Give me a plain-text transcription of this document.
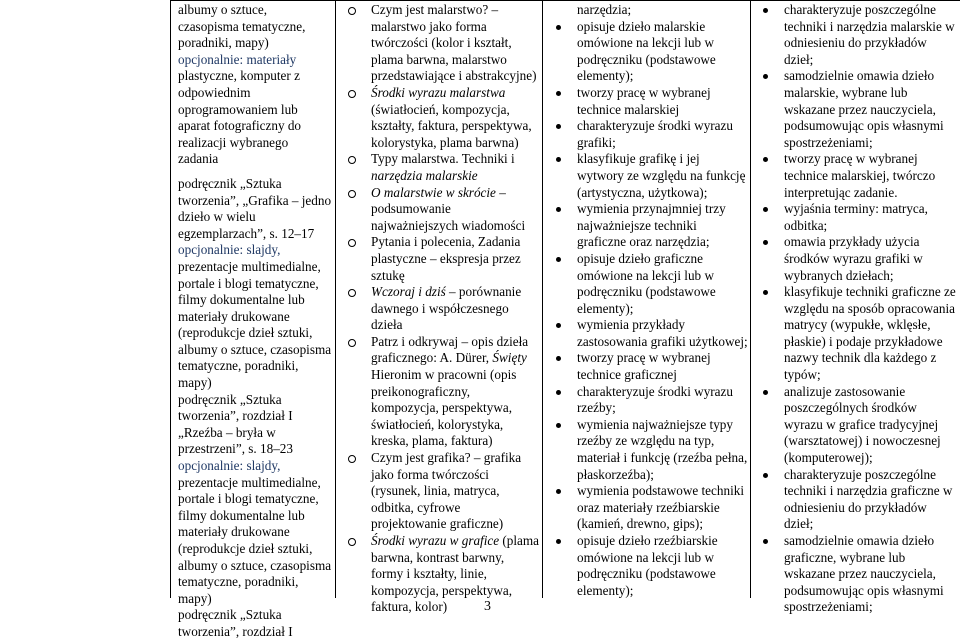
albumy o sztuce,

czasopisma tematyczne,

poradniki, mapy)

opcjonalnie: materiały

plastyczne, komputer z

odpowiednim

oprogramowaniem lub

aparat fotograficzny do

realizacji wybranego

zadania

podręcznik „Sztuka

tworzenia”, „Grafika – jedno

dzieło w wielu

egzemplarzach”, s. 12–17

opcjonalnie: slajdy,

prezentacje multimedialne,

portale i blogi tematyczne,

filmy dokumentalne lub

materiały drukowane

(reprodukcje dzieł sztuki,

albumy o sztuce, czasopisma

tematyczne, poradniki,

mapy)

podręcznik „Sztuka

tworzenia”, rozdział I

„Rzeźba – bryła w

przestrzeni”, s. 18–23

opcjonalnie: slajdy,

prezentacje multimedialne,

portale i blogi tematyczne,

filmy dokumentalne lub

materiały drukowane

(reprodukcje dzieł sztuki,

albumy o sztuce, czasopisma

tematyczne, poradniki,

mapy)

podręcznik „Sztuka

tworzenia”, rozdział I

Czym jest malarstwo? – malarstwo jako forma twórczości (kolor i kształt, plama barwna, malarstwo przedstawiające i abstrakcyjne)
Środki wyrazu malarstwa (światłocień, kompozycja, kształty, faktura, perspektywa, kolorystyka, plama barwna)
Typy malarstwa. Techniki i narzędzia malarskie
O malarstwie w skrócie – podsumowanie najważniejszych wiadomości
Pytania i polecenia, Zadania plastyczne – ekspresja przez sztukę
Wczoraj i dziś – porównanie dawnego i współczesnego dzieła
Patrz i odkrywaj – opis dzieła graficznego: A. Dürer, Święty Hieronim w pracowni (opis preikonograficzny, kompozycja, perspektywa, światłocień, kolorystyka, kreska, plama, faktura)
Czym jest grafika? – grafika jako forma twórczości (rysunek, linia, matryca, odbitka, cyfrowe projektowanie graficzne)
Środki wyrazu w grafice (plama barwna, kontrast barwny, formy i kształty, linie, kompozycja, perspektywa, faktura, kolor)

narzędzia;

opisuje dzieło malarskie omówione na lekcji lub w podręczniku (podstawowe elementy);
tworzy pracę w wybranej technice malarskiej
charakteryzuje środki wyrazu grafiki;
klasyfikuje grafikę i jej wytwory ze względu na funkcję (artystyczna, użytkowa);
wymienia przynajmniej trzy najważniejsze techniki graficzne oraz narzędzia;
opisuje dzieło graficzne omówione na lekcji lub w podręczniku (podstawowe elementy);
wymienia przykłady zastosowania grafiki użytkowej;
tworzy pracę w wybranej technice graficznej
charakteryzuje środki wyrazu rzeźby;
wymienia najważniejsze typy rzeźby ze względu na typ, materiał i funkcję (rzeźba pełna, płaskorzeźba);
wymienia podstawowe techniki oraz materiały rzeźbiarskie (kamień, drewno, gips);
opisuje dzieło rzeźbiarskie omówione na lekcji lub w podręczniku (podstawowe elementy);
charakteryzuje poszczególne techniki i narzędzia malarskie w odniesieniu do przykładów dzieł;
samodzielnie omawia dzieło malarskie, wybrane lub wskazane przez nauczyciela, podsumowując opis własnymi spostrzeżeniami;
tworzy pracę w wybranej technice malarskiej, twórczo interpretując zadanie.
wyjaśnia terminy: matryca, odbitka;
omawia przykłady użycia środków wyrazu grafiki w wybranych dziełach;
klasyfikuje techniki graficzne ze względu na sposób opracowania matrycy (wypukłe, wklęsłe, płaskie) i podaje przykładowe nazwy technik dla każdego z typów;
analizuje zastosowanie poszczególnych środków wyrazu w grafice tradycyjnej (warsztatowej) i nowoczesnej (komputerowej);
charakteryzuje poszczególne techniki i narzędzia graficzne w odniesieniu do przykładów dzieł;
samodzielnie omawia dzieło graficzne, wybrane lub wskazane przez nauczyciela, podsumowując opis własnymi spostrzeżeniami;
3
